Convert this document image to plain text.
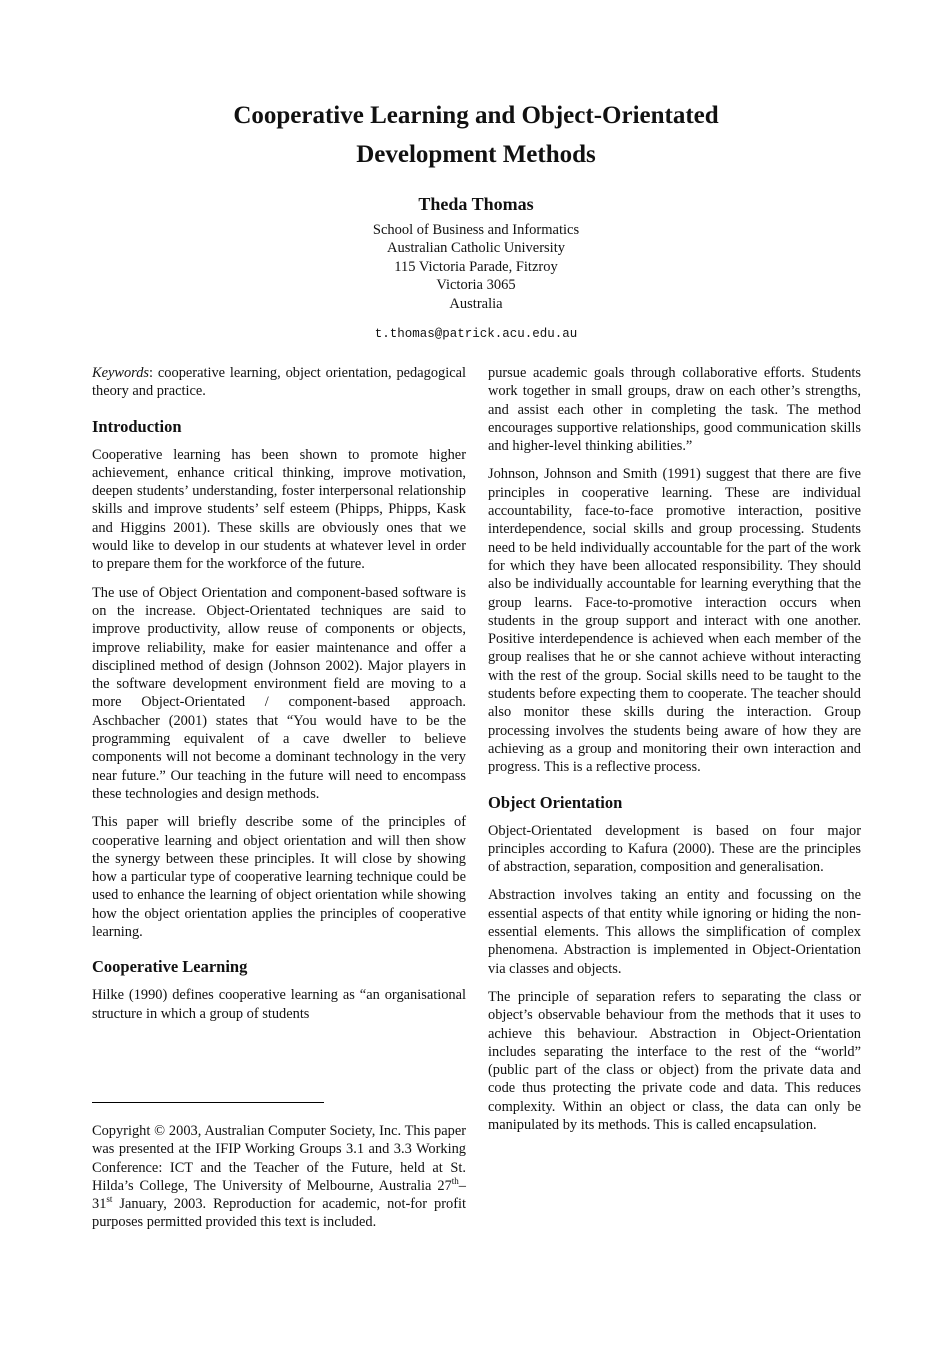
Cooperative Learning and Object-Orientated
Development Methods
Theda Thomas
School of Business and Informatics
Australian Catholic University
115 Victoria Parade, Fitzroy
Victoria 3065
Australia
t.thomas@patrick.acu.edu.au

Keywords: cooperative learning, object orientation, pedagogical theory and practice.

Introduction

Cooperative learning has been shown to promote higher achievement, enhance critical thinking, improve motivation, deepen students’ understanding, foster interpersonal relationship skills and improve students’ self esteem (Phipps, Phipps, Kask and Higgins 2001). These skills are obviously ones that we would like to develop in our students at whatever level in order to prepare them for the workforce of the future.

The use of Object Orientation and component-based software is on the increase. Object-Orientated techniques are said to improve productivity, allow reuse of components or objects, improve reliability, make for easier maintenance and offer a disciplined method of design (Johnson 2002). Major players in the software development environment field are moving to a more Object-Orientated / component-based approach. Aschbacher (2001) states that “You would have to be the programming equivalent of a cave dweller to believe components will not become a dominant technology in the very near future.” Our teaching in the future will need to encompass these technologies and design methods.

This paper will briefly describe some of the principles of cooperative learning and object orientation and will then show the synergy between these principles. It will close by showing how a particular type of cooperative learning technique could be used to enhance the learning of object orientation while showing how the object orientation applies the principles of cooperative learning.

Cooperative Learning

Hilke (1990) defines cooperative learning as “an organisational structure in which a group of students

Copyright © 2003, Australian Computer Society, Inc. This paper was presented at the IFIP Working Groups 3.1 and 3.3 Working Conference: ICT and the Teacher of the Future, held at St. Hilda’s College, The University of Melbourne, Australia 27th–31st January, 2003. Reproduction for academic, not-for profit purposes permitted provided this text is included.

pursue academic goals through collaborative efforts. Students work together in small groups, draw on each other’s strengths, and assist each other in completing the task. The method encourages supportive relationships, good communication skills and higher-level thinking abilities.”

Johnson, Johnson and Smith (1991) suggest that there are five principles in cooperative learning. These are individual accountability, face-to-face promotive interaction, positive interdependence, social skills and group processing. Students need to be held individually accountable for the part of the work for which they have been allocated responsibility. They should also be individually accountable for learning everything that the group learns. Face-to-promotive interaction occurs when students in the group support and interact with one another. Positive interdependence is achieved when each member of the group realises that he or she cannot achieve without interacting with the rest of the group. Social skills need to be taught to the students before expecting them to cooperate. The teacher should also monitor these skills during the interaction. Group processing involves the students being aware of how they are achieving as a group and monitoring their own interaction and progress. This is a reflective process.

Object Orientation

Object-Orientated development is based on four major principles according to Kafura (2000). These are the principles of abstraction, separation, composition and generalisation.

Abstraction involves taking an entity and focussing on the essential aspects of that entity while ignoring or hiding the non-essential elements. This allows the simplification of complex phenomena. Abstraction is implemented in Object-Orientation via classes and objects.

The principle of separation refers to separating the class or object’s observable behaviour from the methods that it uses to achieve this behaviour. Abstraction in Object-Orientation includes separating the interface to the rest of the “world” (public part of the class or object) from the private data and code thus protecting the private code and data. This reduces complexity. Within an object or class, the data can only be manipulated by its methods. This is called encapsulation.
